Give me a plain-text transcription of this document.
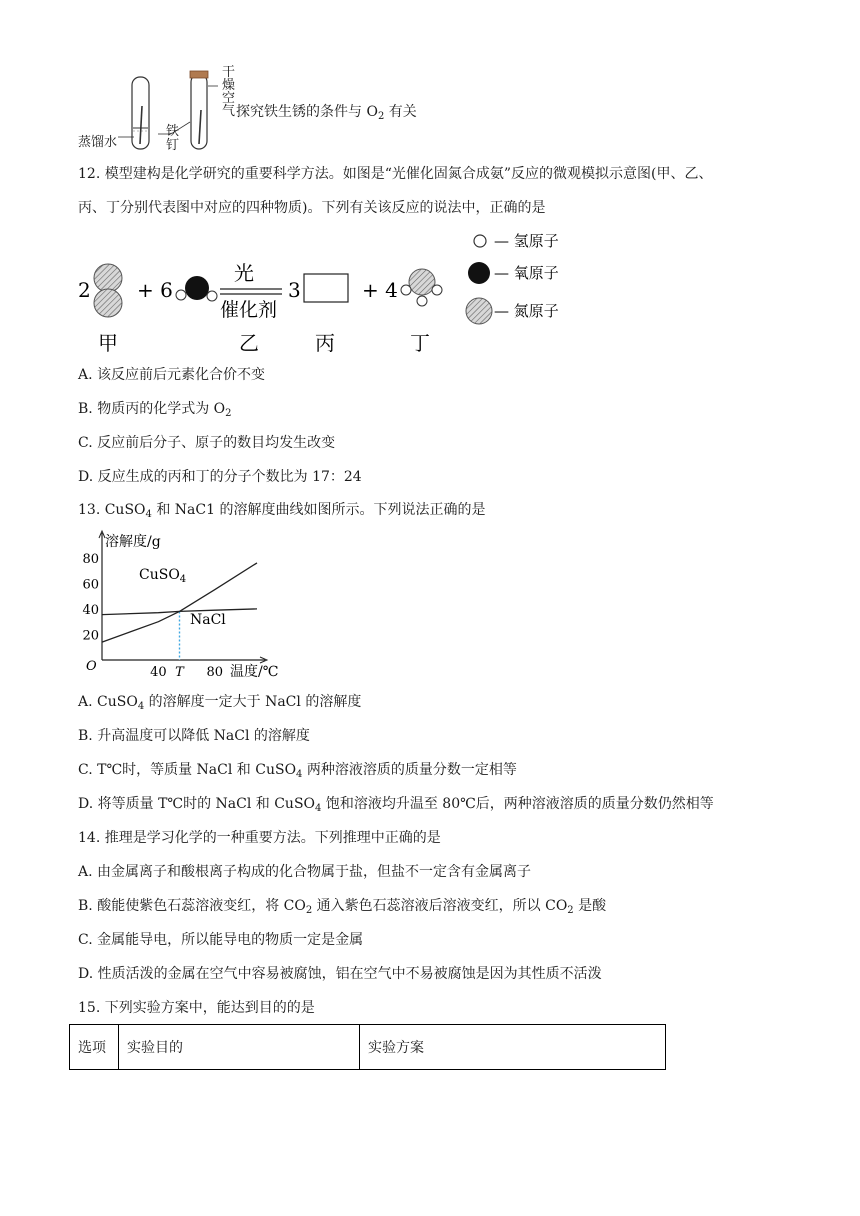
蒸馏水
铁
钉
干
燥
空
气 探究铁生锈的条件与 $O_2$ 有关
12. 模型建构是化学研究的重要科学方法。如图是“光催化固氮合成氨”反应的微观模拟示意图(甲、乙、
丙、丁分别代表图中对应的四种物质)。下列有关该反应的说法中，正确的是
2 + 6
光
催化剂
3	+ 4
甲	乙	丙	丁
— 氢原子
— 氧原子
— 氮原子
A. 该反应前后元素化合价不变
B. 物质丙的化学式为 $O_2$
C. 反应前后分子、原子的数目均发生改变
D. 反应生成的丙和丁的分子个数比为 17：24
13. CuSO$_4$ 和 NaC1 的溶解度曲线如图所示。下列说法正确的是
溶解度/g
温度/℃
O
80
60
40
20
40 T 80
CuSO$_4$
NaCl
A. CuSO$_4$ 的溶解度一定大于 NaCl 的溶解度
B. 升高温度可以降低 NaCl 的溶解度
C. T℃时，等质量 NaCl 和 CuSO$_4$ 两种溶液溶质的质量分数一定相等
D. 将等质量 T℃时的 NaCl 和 CuSO$_4$ 饱和溶液均升温至 80℃后，两种溶液溶质的质量分数仍然相等
14. 推理是学习化学的一种重要方法。下列推理中正确的是
A. 由金属离子和酸根离子构成的化合物属于盐，但盐不一定含有金属离子
B. 酸能使紫色石蕊溶液变红，将 $CO_2$ 通入紫色石蕊溶液后溶液变红，所以 $CO_2$ 是酸
C. 金属能导电，所以能导电的物质一定是金属
D. 性质活泼的金属在空气中容易被腐蚀，铝在空气中不易被腐蚀是因为其性质不活泼
15. 下列实验方案中，能达到目的的是
选项	实验目的	实验方案
